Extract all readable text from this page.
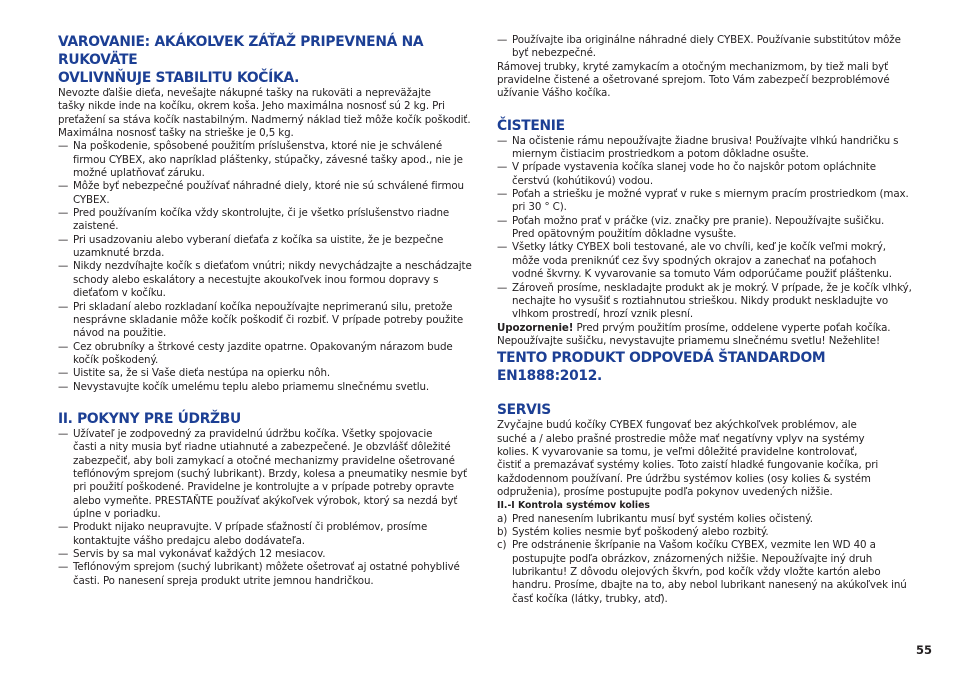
VAROVANIE: AKÁKOĽVEK ZÁŤAŽ PRIPEVNENÁ NA RUKOVÄTE
OVLIVNŇUJE STABILITU KOČÍKA.
Nevozte ďalšie dieťa, nevešajte nákupné tašky na rukoväti a nepreväžajte
tašky nikde inde na kočíku, okrem koša. Jeho maximálna nosnosť sú 2 kg. Pri
preťažení sa stáva kočík nastabilným. Nadmerný náklad tiež môže kočík poškodiť.
Maximálna nosnosť tašky na strieške je 0,5 kg.
— Na poškodenie, spôsobené použitím príslušenstva, ktoré nie je schválené
firmou CYBEX, ako napríklad pláštenky, stúpačky, závesné tašky apod., nie je
možné uplatňovať záruku.
— Môže byť nebezpečné používať náhradné diely, ktoré nie sú schválené firmou
CYBEX.
— Pred používaním kočíka vždy skontrolujte, či je všetko príslušenstvo riadne
zaistené.
— Pri usadzovaniu alebo vyberaní dieťaťa z kočíka sa uistite, že je bezpečne
uzamknuté brzda.
— Nikdy nezdvíhajte kočík s dieťaťom vnútri; nikdy nevychádzajte a neschádzajte
schody alebo eskalátory a necestujte akoukoľvek inou formou dopravy s
dieťaťom v kočíku.
— Pri skladaní alebo rozkladaní kočíka nepoužívajte neprimeranú silu, pretože
nesprávne skladanie môže kočík poškodiť či rozbiť. V prípade potreby použite
návod na použitie.
— Cez obrubníky a štrkové cesty jazdite opatrne. Opakovaným nárazom bude
kočík poškodený.
— Uistite sa, že si Vaše dieťa nestúpa na opierku nôh.
— Nevystavujte kočík umelému teplu alebo priamemu slnečnému svetlu.
II. POKYNY PRE ÚDRŽBU
— Užívateľ je zodpovedný za pravidelnú údržbu kočíka. Všetky spojovacie
časti a nity musia byť riadne utiahnuté a zabezpečené. Je obzvlášť dôležité
zabezpečiť, aby boli zamykací a otočné mechanizmy pravidelne ošetrované
teflónovým sprejom (suchý lubrikant). Brzdy, kolesa a pneumatiky nesmie byť
pri použití poškodené. Pravidelne je kontrolujte a v prípade potreby opravte
alebo vymeňte. PRESTAŇTE používať akýkoľvek výrobok, ktorý sa nezdá byť
úplne v poriadku.
— Produkt nijako neupravujte. V prípade sťažností či problémov, prosíme
kontaktujte vášho predajcu alebo dodávateľa.
— Servis by sa mal vykonávať každých 12 mesiacov.
— Teflónovým sprejom (suchý lubrikant) môžete ošetrovať aj ostatné pohyblivé
časti. Po nanesení spreja produkt utrite jemnou handričkou.
— Používajte iba originálne náhradné diely CYBEX. Používanie substitútov môže
byť nebezpečné.
Rámovej trubky, kryté zamykacím a otočným mechanizmom, by tiež mali byť
pravidelne čistené a ošetrované sprejom. Toto Vám zabezpečí bezproblémové
užívanie Vášho kočíka.
ČISTENIE
— Na očistenie rámu nepoužívajte žiadne brusiva! Používajte vlhkú handričku s
miernym čistiacim prostriedkom a potom dôkladne osušte.
— V prípade vystavenia kočíka slanej vode ho čo najskôr potom opláchnite
čerstvú (kohútikovú) vodou.
— Poťah a striešku je možné vyprať v ruke s miernym pracím prostriedkom (max.
pri 30 ° C).
— Poťah možno prať v práčke (viz. značky pre pranie). Nepoužívajte sušičku.
Pred opätovným použitím dôkladne vysušte.
— Všetky látky CYBEX boli testované, ale vo chvíli, keď je kočík veľmi mokrý,
môže voda preniknúť cez švy spodných okrajov a zanechať na poťahoch
vodné škvrny. K vyvarovanie sa tomuto Vám odporúčame použiť pláštenku.
— Zároveň prosíme, neskladajte produkt ak je mokrý. V prípade, že je kočík vlhký,
nechajte ho vysušiť s roztiahnutou strieškou. Nikdy produkt neskladujte vo
vlhkom prostredí, hrozí vznik plesní.
Upozornenie! Pred prvým použitím prosíme, oddelene vyperte poťah kočíka.
Nepoužívajte sušičku, nevystavujte priamemu slnečnému svetlu! Nežehlite!
TENTO PRODUKT ODPOVEDÁ ŠTANDARDOM EN1888:2012.
SERVIS
Zvyčajne budú kočíky CYBEX fungovať bez akýchkoľvek problémov, ale
suché a / alebo prašné prostredie môže mať negatívny vplyv na systémy
kolies. K vyvarovanie sa tomu, je veľmi dôležité pravidelne kontrolovať,
čistiť a premazávať systémy kolies. Toto zaistí hladké fungovanie kočíka, pri
každodennom používaní. Pre údržbu systémov kolies (osy kolies & systém
odpruženia), prosíme postupujte podľa pokynov uvedených nižšie.
II.-I Kontrola systémov kolies
a) Pred nanesením lubrikantu musí byť systém kolies očistený.
b) Systém kolies nesmie byť poškodený alebo rozbitý.
c) Pre odstránenie škrípanie na Vašom kočíku CYBEX, vezmite len WD 40 a
postupujte podľa obrázkov, znázornených nižšie. Nepoužívajte iný druh
lubrikantu! Z dôvodu olejových škvŕn, pod kočík vždy vložte kartón alebo
handru. Prosíme, dbajte na to, aby nebol lubrikant nanesený na akúkoľvek inú
časť kočíka (látky, trubky, atď).
55
